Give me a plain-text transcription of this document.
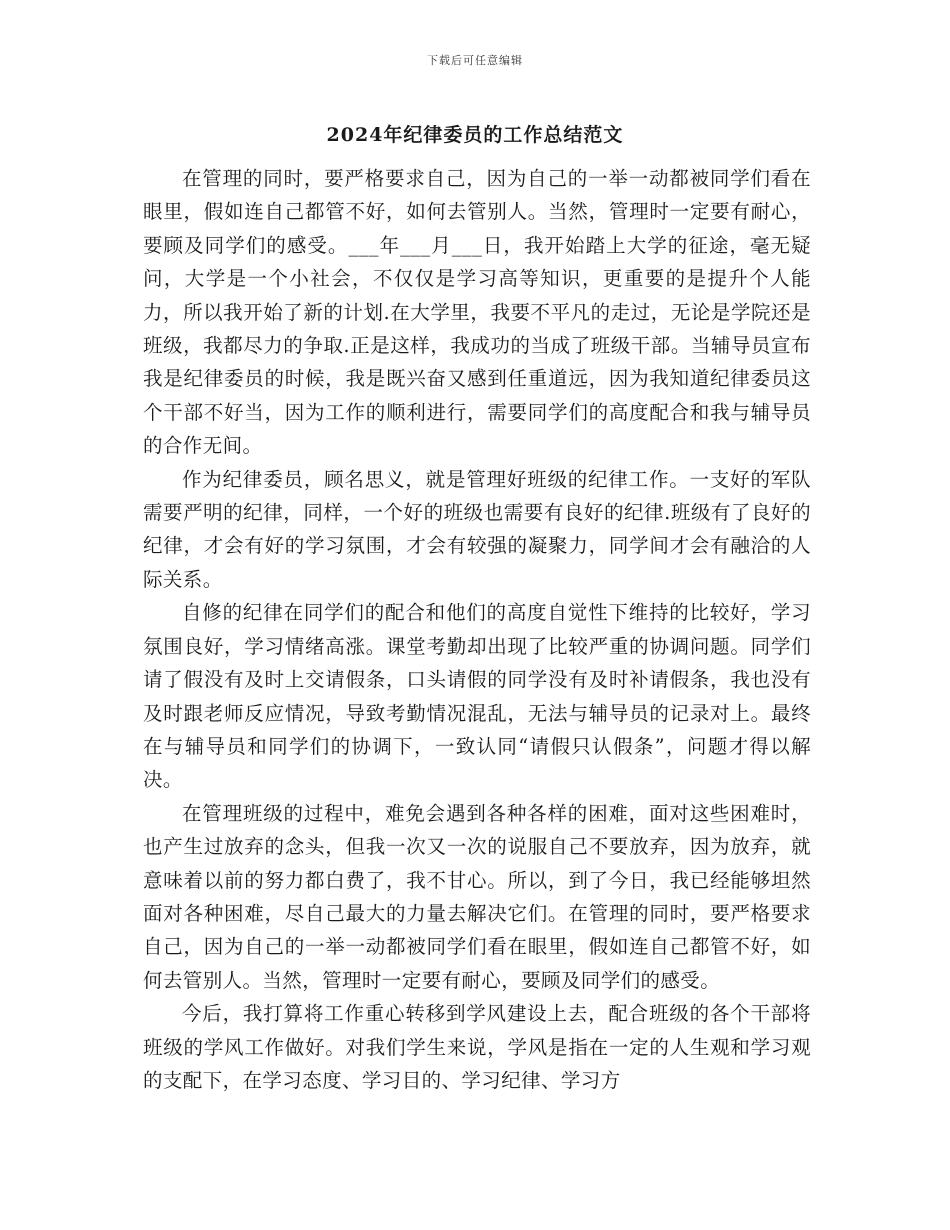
下载后可任意编辑
2024年纪律委员的工作总结范文

在管理的同时，要严格要求自己，因为自己的一举一动都被同学们看在眼里，假如连自己都管不好，如何去管别人。当然，管理时一定要有耐心，要顾及同学们的感受。___年___月___日，我开始踏上大学的征途，毫无疑问，大学是一个小社会，不仅仅是学习高等知识，更重要的是提升个人能力，所以我开始了新的计划.在大学里，我要不平凡的走过，无论是学院还是班级，我都尽力的争取.正是这样，我成功的当成了班级干部。当辅导员宣布我是纪律委员的时候，我是既兴奋又感到任重道远，因为我知道纪律委员这个干部不好当，因为工作的顺利进行，需要同学们的高度配合和我与辅导员的合作无间。

作为纪律委员，顾名思义，就是管理好班级的纪律工作。一支好的军队需要严明的纪律，同样，一个好的班级也需要有良好的纪律.班级有了良好的纪律，才会有好的学习氛围，才会有较强的凝聚力，同学间才会有融洽的人际关系。

自修的纪律在同学们的配合和他们的高度自觉性下维持的比较好，学习氛围良好，学习情绪高涨。课堂考勤却出现了比较严重的协调问题。同学们请了假没有及时上交请假条，口头请假的同学没有及时补请假条，我也没有及时跟老师反应情况，导致考勤情况混乱，无法与辅导员的记录对上。最终在与辅导员和同学们的协调下，一致认同“请假只认假条”，问题才得以解决。

在管理班级的过程中，难免会遇到各种各样的困难，面对这些困难时，也产生过放弃的念头，但我一次又一次的说服自己不要放弃，因为放弃，就意味着以前的努力都白费了，我不甘心。所以，到了今日，我已经能够坦然面对各种困难，尽自己最大的力量去解决它们。在管理的同时，要严格要求自己，因为自己的一举一动都被同学们看在眼里，假如连自己都管不好，如何去管别人。当然，管理时一定要有耐心，要顾及同学们的感受。

今后，我打算将工作重心转移到学风建设上去，配合班级的各个干部将班级的学风工作做好。对我们学生来说，学风是指在一定的人生观和学习观的支配下，在学习态度、学习目的、学习纪律、学习方
